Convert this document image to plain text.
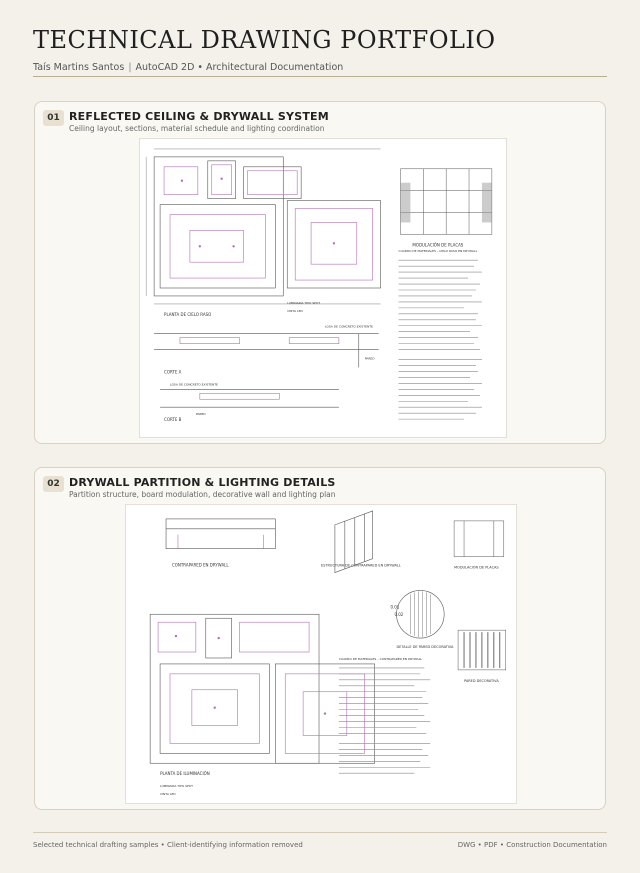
TECHNICAL DRAWING PORTFOLIO
Taís Martins Santos | AutoCAD 2D • Architectural Documentation
01 REFLECTED CEILING & DRYWALL SYSTEM
Ceiling layout, sections, material schedule and lighting coordination
PLANTA DE CIELO RASO
MODULACIÓN DE PLACAS
LUMINARIA TIPO SPOT
CINTA LED
CUADRO DE MATERIALES – CIELO RASO EN DRYWALL
LOSA DE CONCRETO EXISTENTE
PARED
CORTE A
LOSA DE CONCRETO EXISTENTE
PARED
CORTE B
02 DRYWALL PARTITION & LIGHTING DETAILS
Partition structure, board modulation, decorative wall and lighting plan
CONTRAPARED EN DRYWALL	ESTRUCTURA DE CONTRAPARED EN DRYWALL	MODULACIÓN DE PLACAS
0.01
0.02
DETALLE DE PARED DECORATIVA
PARED DECORATIVA
PLANTA DE ILUMINACIÓN
LUMINARIA TIPO SPOT
CINTA LED
CUADRO DE MATERIALES – CONTRAPARED EN DRYWALL
Selected technical drafting samples • Client-identifying information removed	DWG • PDF • Construction Documentation
